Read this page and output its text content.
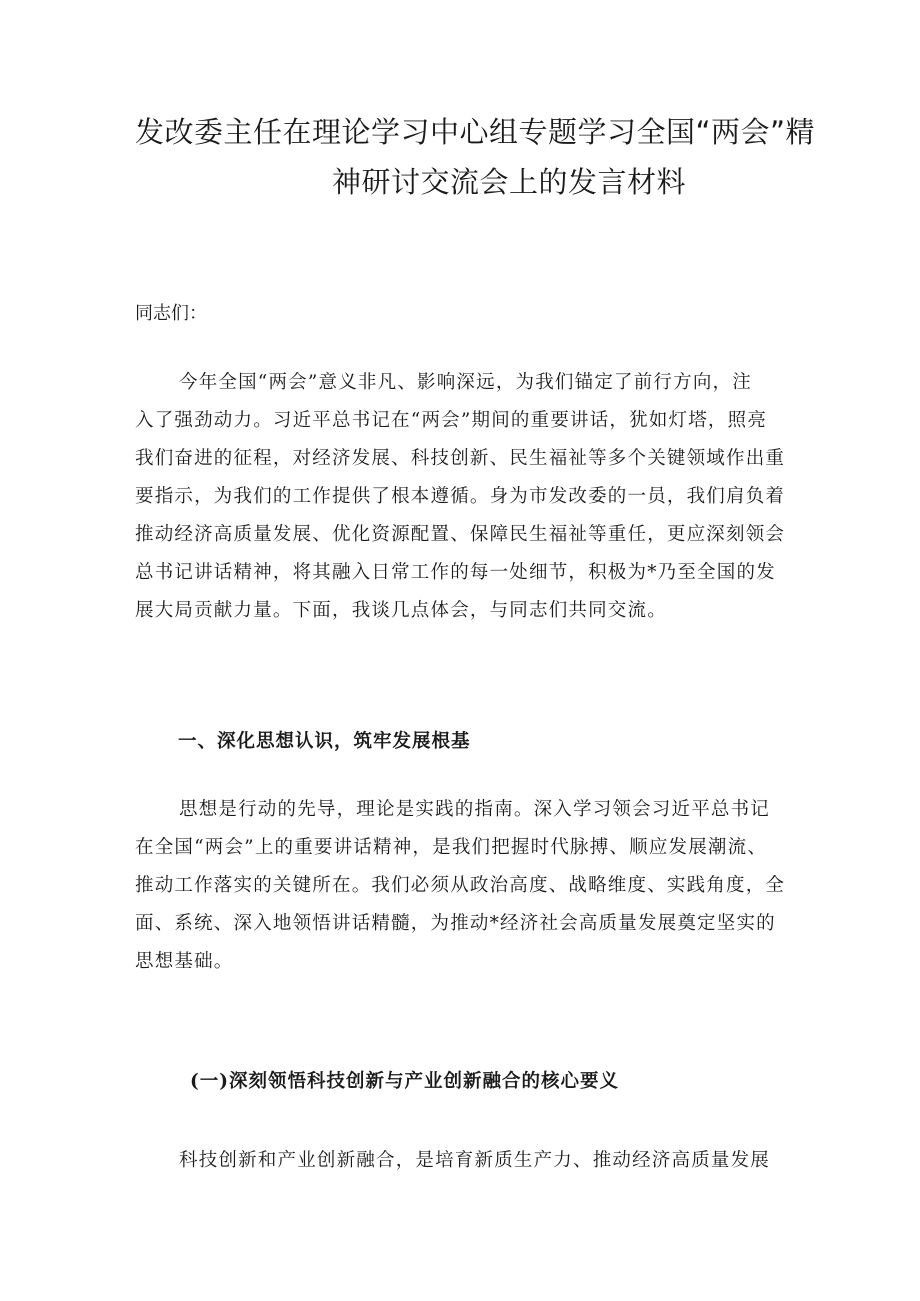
发改委主任在理论学习中心组专题学习全国“两会”精
神研讨交流会上的发言材料
同志们：
今年全国“两会”意义非凡、影响深远，为我们锚定了前行方向，注
入了强劲动力。习近平总书记在“两会”期间的重要讲话，犹如灯塔，照亮
我们奋进的征程，对经济发展、科技创新、民生福祉等多个关键领域作出重
要指示，为我们的工作提供了根本遵循。身为市发改委的一员，我们肩负着
推动经济高质量发展、优化资源配置、保障民生福祉等重任，更应深刻领会
总书记讲话精神，将其融入日常工作的每一处细节，积极为*乃至全国的发
展大局贡献力量。下面，我谈几点体会，与同志们共同交流。
一、深化思想认识，筑牢发展根基
思想是行动的先导，理论是实践的指南。深入学习领会习近平总书记
在全国“两会”上的重要讲话精神，是我们把握时代脉搏、顺应发展潮流、
推动工作落实的关键所在。我们必须从政治高度、战略维度、实践角度，全
面、系统、深入地领悟讲话精髓，为推动*经济社会高质量发展奠定坚实的
思想基础。
(一)深刻领悟科技创新与产业创新融合的核心要义
科技创新和产业创新融合，是培育新质生产力、推动经济高质量发展
